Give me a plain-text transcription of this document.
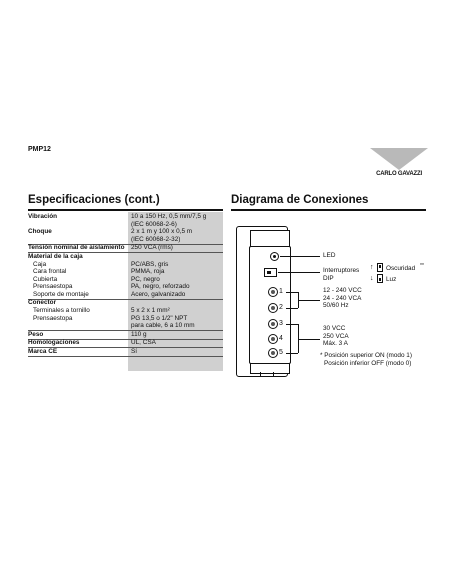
PMP12
CARLO GAVAZZI
Especificaciones (cont.)	Diagrama de Conexiones
Vibración	10 a 150 Hz, 0,5 mm/7,5 g
(IEC 60068-2-6)
Choque	2 x 1 m y 100 x 0,5 m
(IEC 60068-2-32)
Tensión nominal de aislamiento 250 VCA (rms)
Material de la caja
Caja	PC/ABS, gris
Cara frontal	PMMA, roja
Cubierta	PC, negro
Prensaestopa	PA, negro, reforzado
Soporte de montaje	Acero, galvanizado
Conector
Terminales a tornillo	5 x 2 x 1 mm²
Prensaestopa	PG 13,5 o 1/2" NPT
para cable, 6 a 10 mm
Peso	110 g
Homologaciones	UL, CSA
Marca CE	Sí
LED
Interruptores
DIP
↑ Oscuridad **
↓ Luz
1
2
3
4
5
12 - 240 VCC
24 - 240 VCA
50/60 Hz
30 VCC
250 VCA
Máx. 3 A
* Posición superior ON (modo 1)
Posición inferior OFF (modo 0)
